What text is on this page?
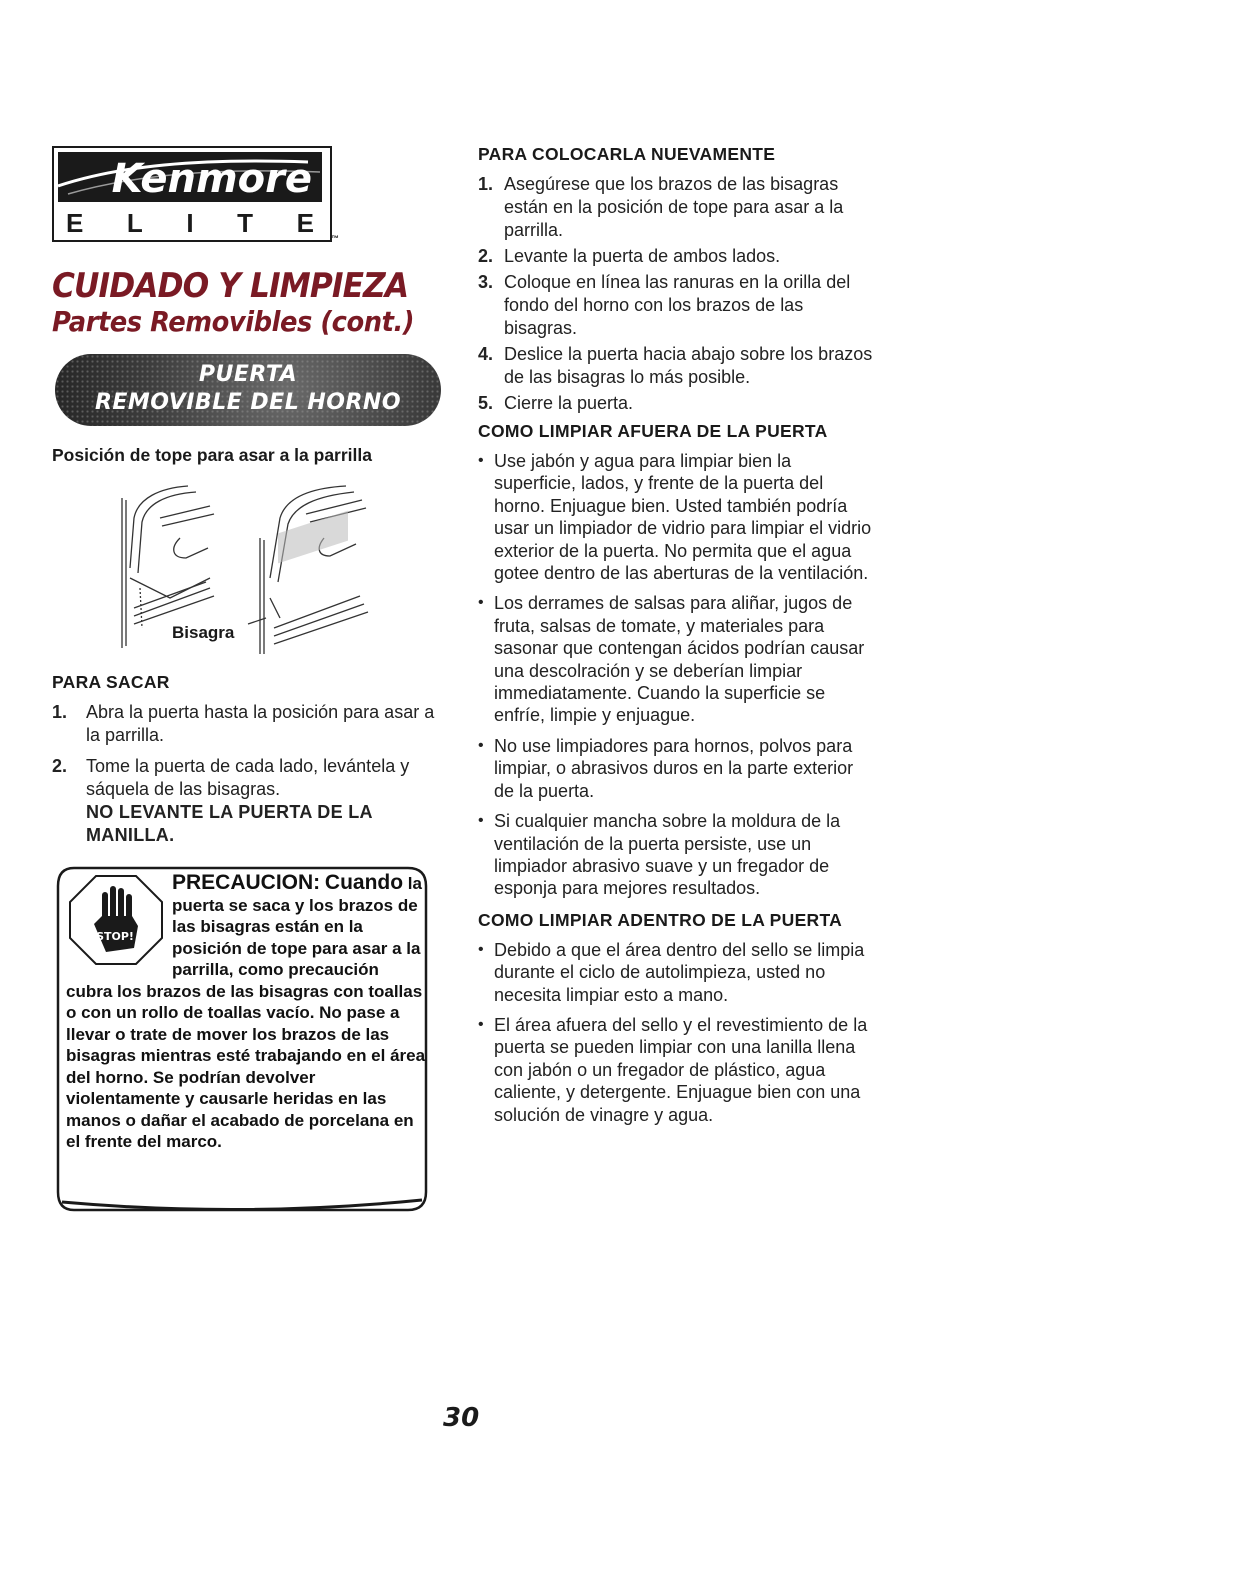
Kenmore
E L I T E
™
CUIDADO Y LIMPIEZA
Partes Removibles (cont.)
PUERTA
REMOVIBLE DEL HORNO
Posición de tope para asar a la parrilla
Bisagra
PARA SACAR
1. Abra la puerta hasta la posición para asar a la parrilla.
2. Tome la puerta de cada lado, levántela y sáquela de las bisagras.
NO LEVANTE LA PUERTA DE LA MANILLA.
STOP!
PRECAUCION: Cuando la puerta se saca y los brazos de las bisagras están en la posición de tope para asar a la parrilla, como precaución cubra los brazos de las bisagras con toallas o con un rollo de toallas vacío. No pase a llevar o trate de mover los brazos de las bisagras mientras esté trabajando en el área del horno. Se podrían devolver violentamente y causarle heridas en las manos o dañar el acabado de porcelana en el frente del marco.
PARA COLOCARLA NUEVAMENTE
1. Asegúrese que los brazos de las bisagras están en la posición de tope para asar a la parrilla.
2. Levante la puerta de ambos lados.
3. Coloque en línea las ranuras en la orilla del fondo del horno con los brazos de las bisagras.
4. Deslice la puerta hacia abajo sobre los brazos de las bisagras lo más posible.
5. Cierre la puerta.
COMO LIMPIAR AFUERA DE LA PUERTA
• Use jabón y agua para limpiar bien la superficie, lados, y frente de la puerta del horno. Enjuague bien. Usted también podría usar un limpiador de vidrio para limpiar el vidrio exterior de la puerta. No permita que el agua gotee dentro de las aberturas de la ventilación.
• Los derrames de salsas para aliñar, jugos de fruta, salsas de tomate, y materiales para sasonar que contengan ácidos podrían causar una descolración y se deberían limpiar immediatamente. Cuando la superficie se enfríe, limpie y enjuague.
• No use limpiadores para hornos, polvos para limpiar, o abrasivos duros en la parte exterior de la puerta.
• Si cualquier mancha sobre la moldura de la ventilación de la puerta persiste, use un limpiador abrasivo suave y un fregador de esponja para mejores resultados.
COMO LIMPIAR ADENTRO DE LA PUERTA
• Debido a que el área dentro del sello se limpia durante el ciclo de autolimpieza, usted no necesita limpiar esto a mano.
• El área afuera del sello y el revestimiento de la puerta se pueden limpiar con una lanilla llena con jabón o un fregador de plástico, agua caliente, y detergente. Enjuague bien con una solución de vinagre y agua.
30
